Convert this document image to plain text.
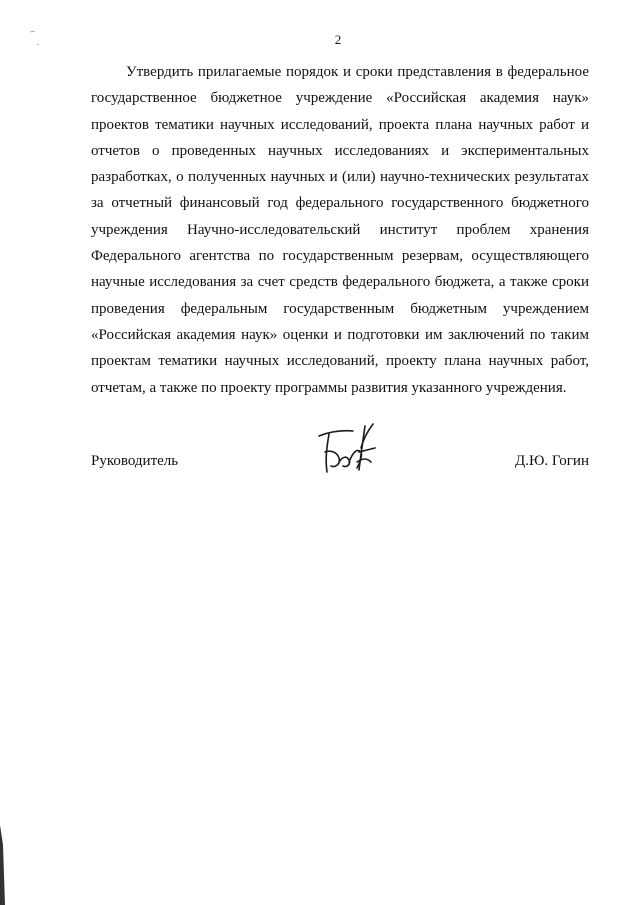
2

Утвердить прилагаемые порядок и сроки представления в федеральное государственное бюджетное учреждение «Российская академия наук» проектов тематики научных исследований, проекта плана научных работ и отчетов о проведенных научных исследованиях и экспериментальных разработках, о полученных научных и (или) научно-технических результатах за отчетный финансовый год федерального государственного бюджетного учреждения Научно-исследовательский институт проблем хранения Федерального агентства по государственным резервам, осуществляющего научные исследования за счет средств федерального бюджета, а также сроки проведения федеральным государственным бюджетным учреждением «Российская академия наук» оценки и подготовки им заключений по таким проектам тематики научных исследований, проекту плана научных работ, отчетам, а также по проекту программы развития указанного учреждения.

Руководитель	Д.Ю. Гогин
